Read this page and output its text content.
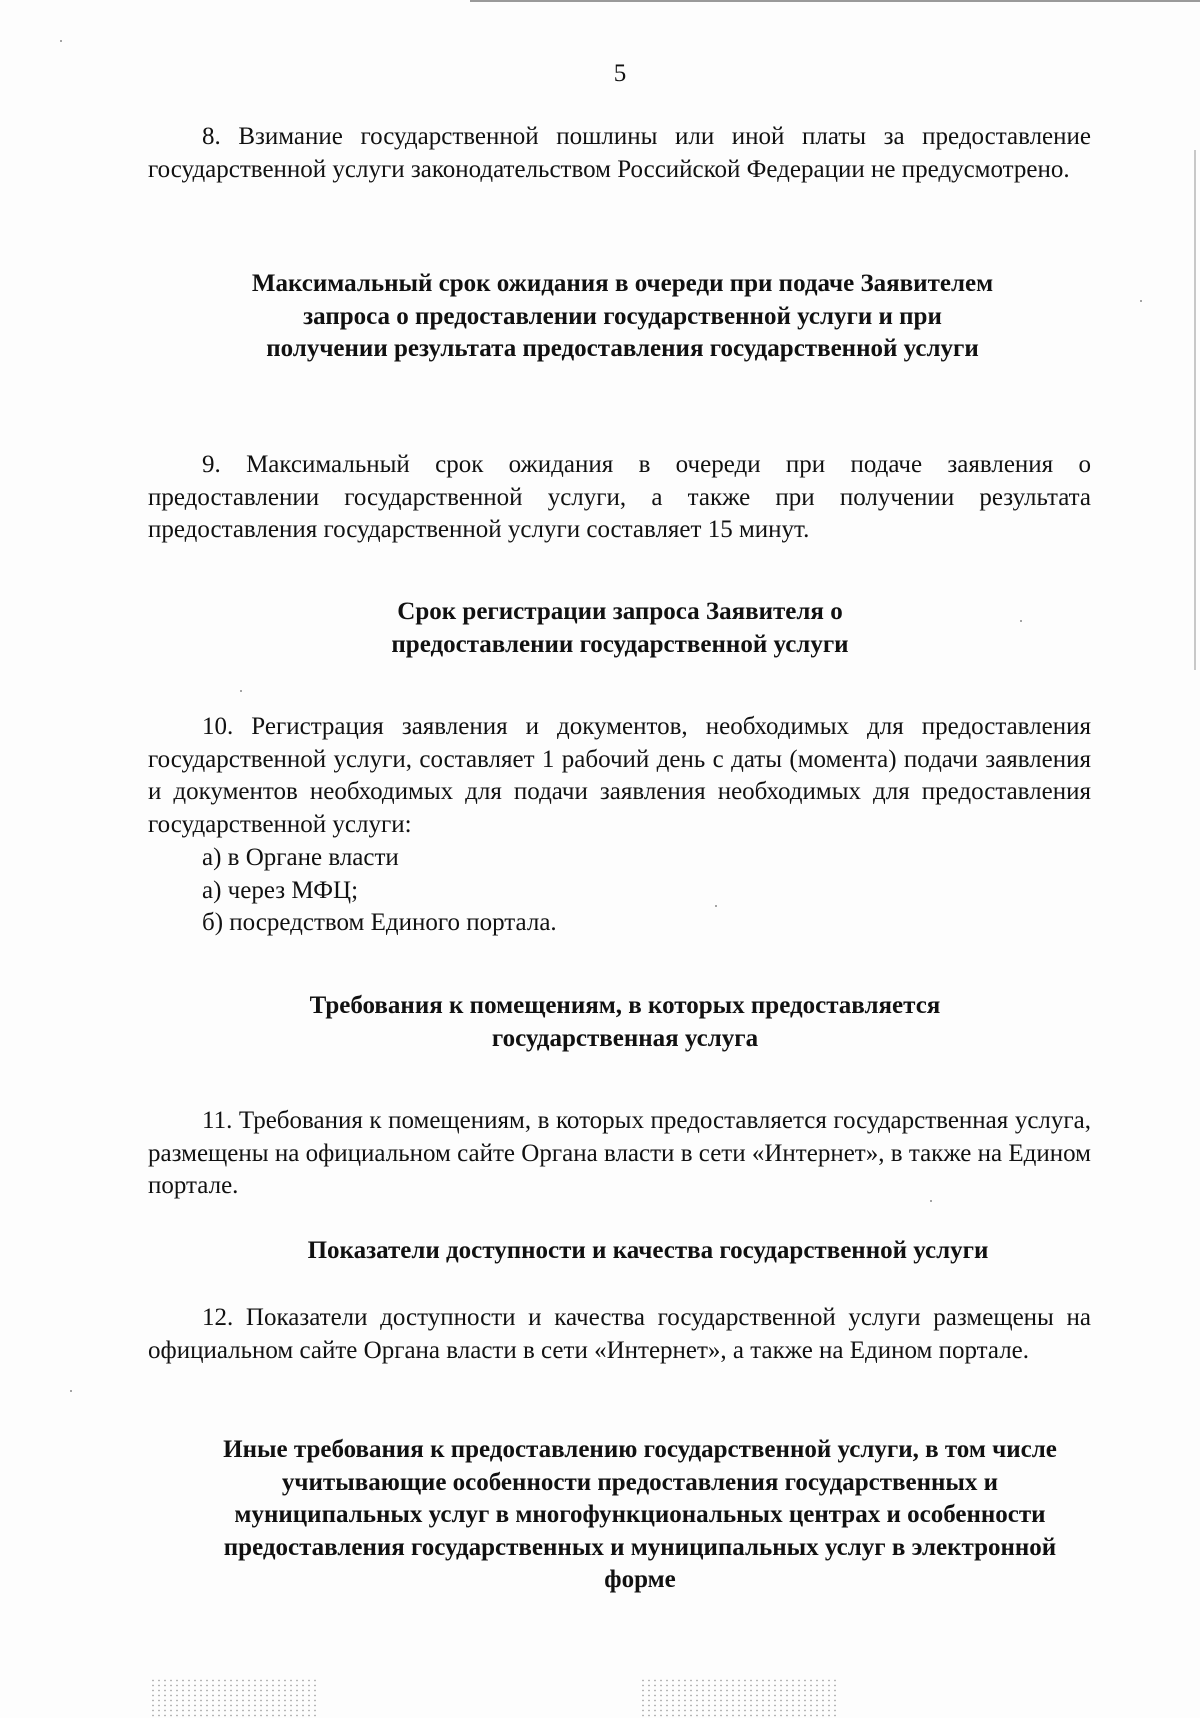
5

8. Взимание государственной пошлины или иной платы за предоставление государственной услуги законодательством Российской Федерации не предусмотрено.

Максимальный срок ожидания в очереди при подаче Заявителем запроса о предоставлении государственной услуги и при получении результата предоставления государственной услуги

9. Максимальный срок ожидания в очереди при подаче заявления о предоставлении государственной услуги, а также при получении результата предоставления государственной услуги составляет 15 минут.

Срок регистрации запроса Заявителя о предоставлении государственной услуги

10. Регистрация заявления и документов, необходимых для предоставления государственной услуги, составляет 1 рабочий день с даты (момента) подачи заявления и документов необходимых для подачи заявления необходимых для предоставления государственной услуги:

а) в Органе власти
а) через МФЦ;
б) посредством Единого портала.

Требования к помещениям, в которых предоставляется государственная услуга

11. Требования к помещениям, в которых предоставляется государственная услуга, размещены на официальном сайте Органа власти в сети «Интернет», в также на Едином портале.

Показатели доступности и качества государственной услуги

12. Показатели доступности и качества государственной услуги размещены на официальном сайте Органа власти в сети «Интернет», а также на Едином портале.

Иные требования к предоставлению государственной услуги, в том числе учитывающие особенности предоставления государственных и муниципальных услуг в многофункциональных центрах и особенности предоставления государственных и муниципальных услуг в электронной форме
